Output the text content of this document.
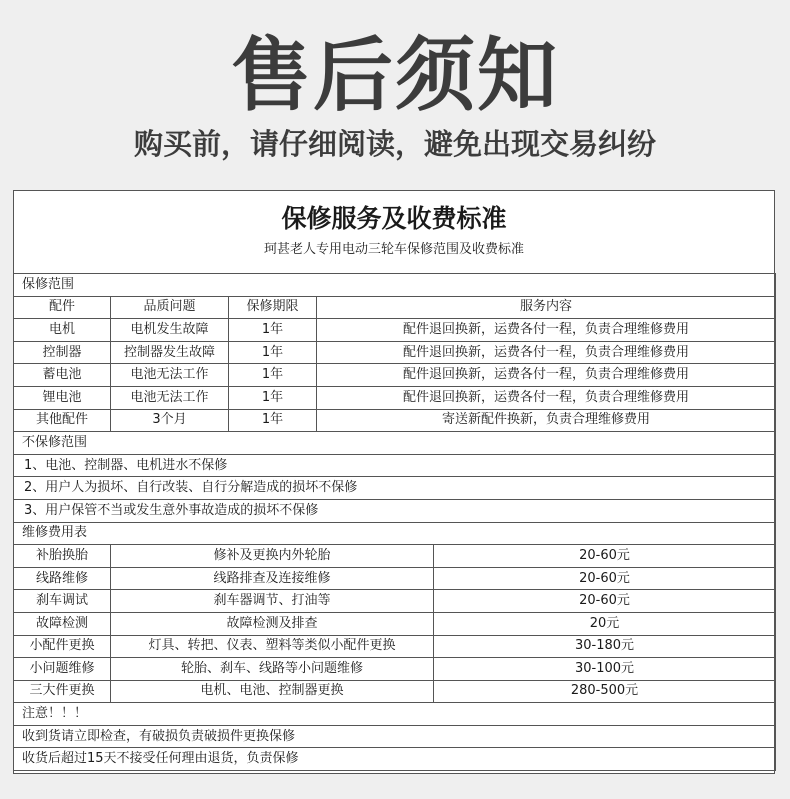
售后须知
购买前，请仔细阅读，避免出现交易纠纷
保修服务及收费标准
珂甚老人专用电动三轮车保修范围及收费标准
保修范围				
配件	品质问题	保修期限	服务内容	
电机	电机发生故障	1年	配件退回换新，运费各付一程，负责合理维修费用	
控制器	控制器发生故障	1年	配件退回换新，运费各付一程，负责合理维修费用	
蓄电池	电池无法工作	1年	配件退回换新，运费各付一程，负责合理维修费用	
锂电池	电池无法工作	1年	配件退回换新，运费各付一程，负责合理维修费用	
其他配件	3个月	1年	寄送新配件换新，负责合理维修费用	
不保修范围				
1、电池、控制器、电机进水不保修				
2、用户人为损坏、自行改装、自行分解造成的损坏不保修				
3、用户保管不当或发生意外事故造成的损坏不保修				
维修费用表				
补胎换胎	修补及更换内外轮胎			20-60元
线路维修	线路排查及连接维修			20-60元
刹车调试	刹车器调节、打油等			20-60元
故障检测	故障检测及排查			20元
小配件更换	灯具、转把、仪表、塑料等类似小配件更换			30-180元
小问题维修	轮胎、刹车、线路等小问题维修			30-100元
三大件更换	电机、电池、控制器更换			280-500元
注意！！！				
收到货请立即检查，有破损负责破损件更换保修				
收货后超过15天不接受任何理由退货，负责保修				
